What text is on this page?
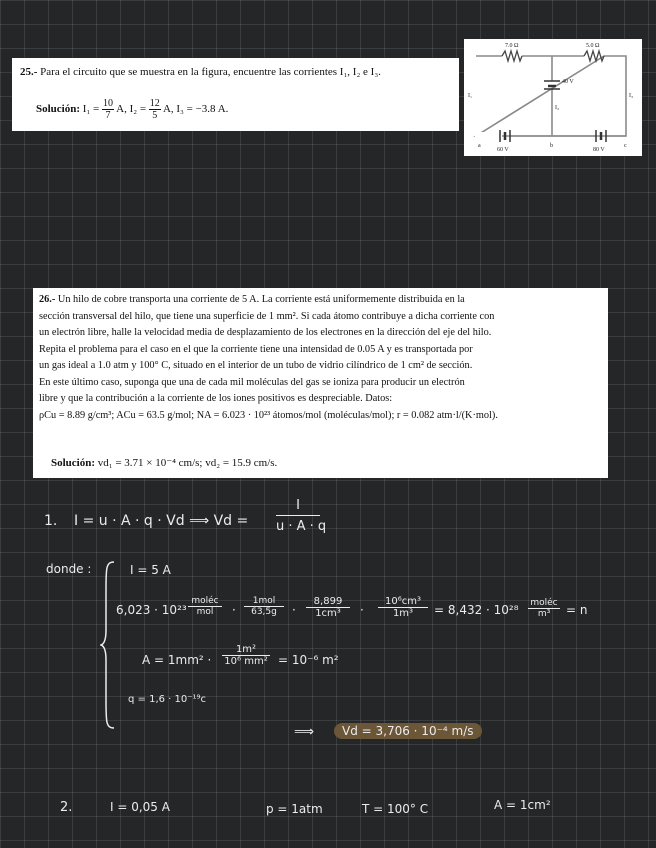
25.- Para el circuito que se muestra en la figura, encuentre las corrientes I₁, I₂ e I₃.
Solución: $I_1 = \frac{10}{7} A$, $I_2 = \frac{12}{5} A$, I₃ = −3.8 A.
7.0 Ω	5.0 Ω
40 V
60 V	80 V
I₁
I₂
I₃
a	b	c
26.- Un hilo de cobre transporta una corriente de 5 A. La corriente está uniformemente distribuida en la
sección transversal del hilo, que tiene una superficie de 1 mm². Si cada átomo contribuye a dicha corriente con
un electrón libre, halle la velocidad media de desplazamiento de los electrones en la dirección del eje del hilo.
Repita el problema para el caso en el que la corriente tiene una intensidad de 0.05 A y es transportada por
un gas ideal a 1.0 atm y 100° C, situado en el interior de un tubo de vidrio cilíndrico de 1 cm² de sección.
En este último caso, suponga que una de cada mil moléculas del gas se ioniza para producir un electrón
libre y que la contribución a la corriente de los iones positivos es despreciable. Datos:
ρCu = 8.89 g/cm³; ACu = 63.5 g/mol; NA = 6.023 · 10²³ átomos/mol (moléculas/mol); r = 0.082 atm·l/(K·mol).
Solución: vd₁ = 3.71 × 10⁻⁴ cm/s; vd₂ = 15.9 cm/s.
1. I = u · A · q · Vd ⟹ $Vd = \frac{I}{u \cdot A \cdot q}$
donde :	I = 5 A
6,023 · 10²³
moléc
mol	·
1mol
63,5g	· $\frac{8,899}{\text{1cm³}} \cdot \frac{\text{10⁶cm³}}{\text{1m³}} = 8,432 \cdot 10^{28}$ moléc
m³	= n
$A = 1mm^2 \cdot \frac{\text{1m²}}{\text{10⁶ mm²}} = 10^{-6}$ m²
q = 1,6 · 10⁻¹⁹c
⟹	Vd = 3,706 · 10⁻⁴ m/s
2.	I = 0,05 A	p = 1atm	T = 100° C	A = 1cm²
